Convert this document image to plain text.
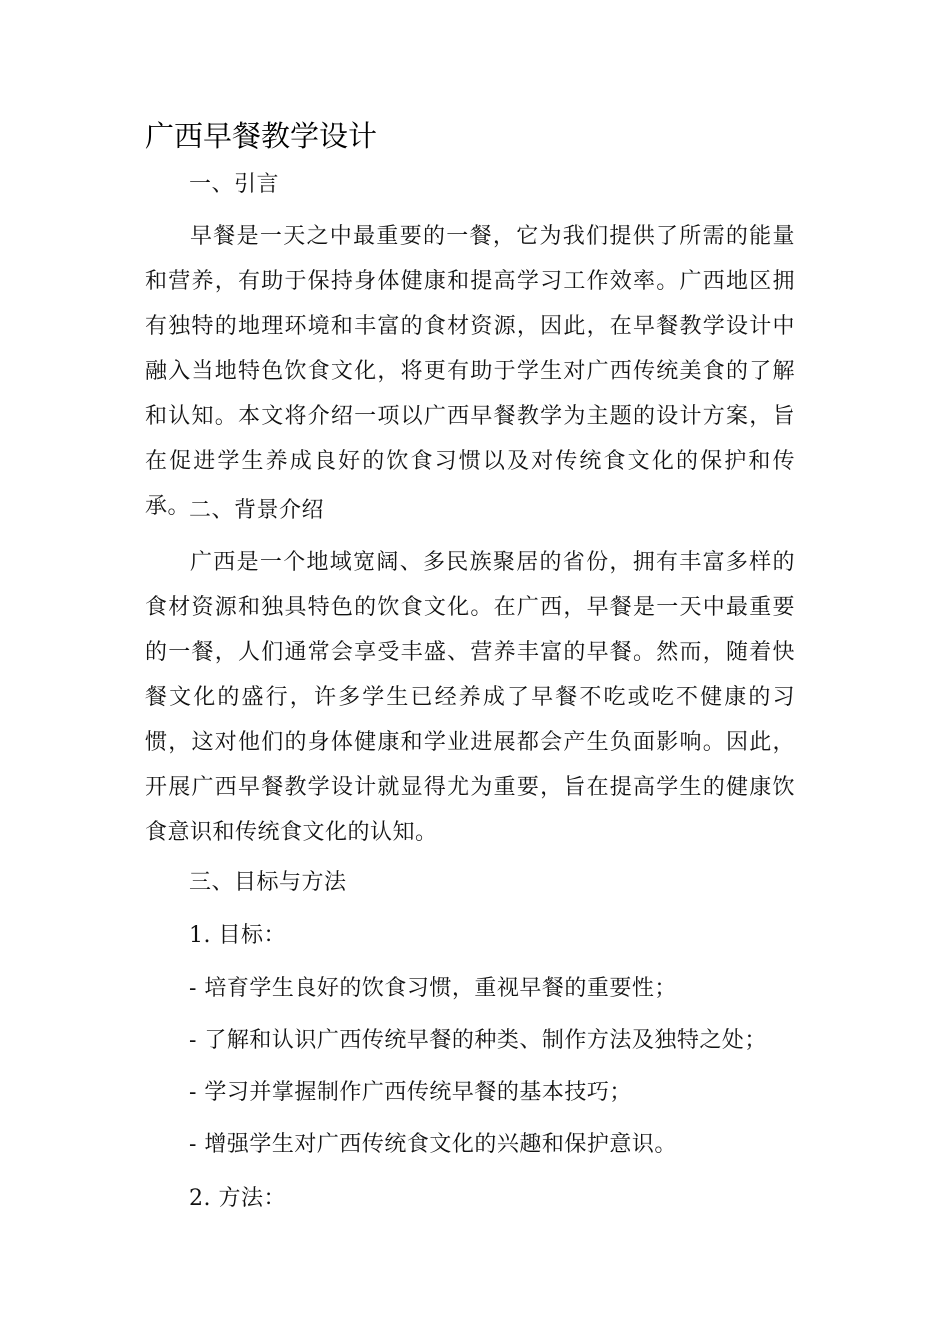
广西早餐教学设计

一、引言

早餐是一天之中最重要的一餐，它为我们提供了所需的能量和营养，有助于保持身体健康和提高学习工作效率。广西地区拥有独特的地理环境和丰富的食材资源，因此，在早餐教学设计中融入当地特色饮食文化，将更有助于学生对广西传统美食的了解和认知。本文将介绍一项以广西早餐教学为主题的设计方案，旨在促进学生养成良好的饮食习惯以及对传统食文化的保护和传承。

二、背景介绍

广西是一个地域宽阔、多民族聚居的省份，拥有丰富多样的食材资源和独具特色的饮食文化。在广西，早餐是一天中最重要的一餐，人们通常会享受丰盛、营养丰富的早餐。然而，随着快餐文化的盛行，许多学生已经养成了早餐不吃或吃不健康的习惯，这对他们的身体健康和学业进展都会产生负面影响。因此，开展广西早餐教学设计就显得尤为重要，旨在提高学生的健康饮食意识和传统食文化的认知。

三、目标与方法

1. 目标：

- 培育学生良好的饮食习惯，重视早餐的重要性；

- 了解和认识广西传统早餐的种类、制作方法及独特之处；

- 学习并掌握制作广西传统早餐的基本技巧；

- 增强学生对广西传统食文化的兴趣和保护意识。

2. 方法：
